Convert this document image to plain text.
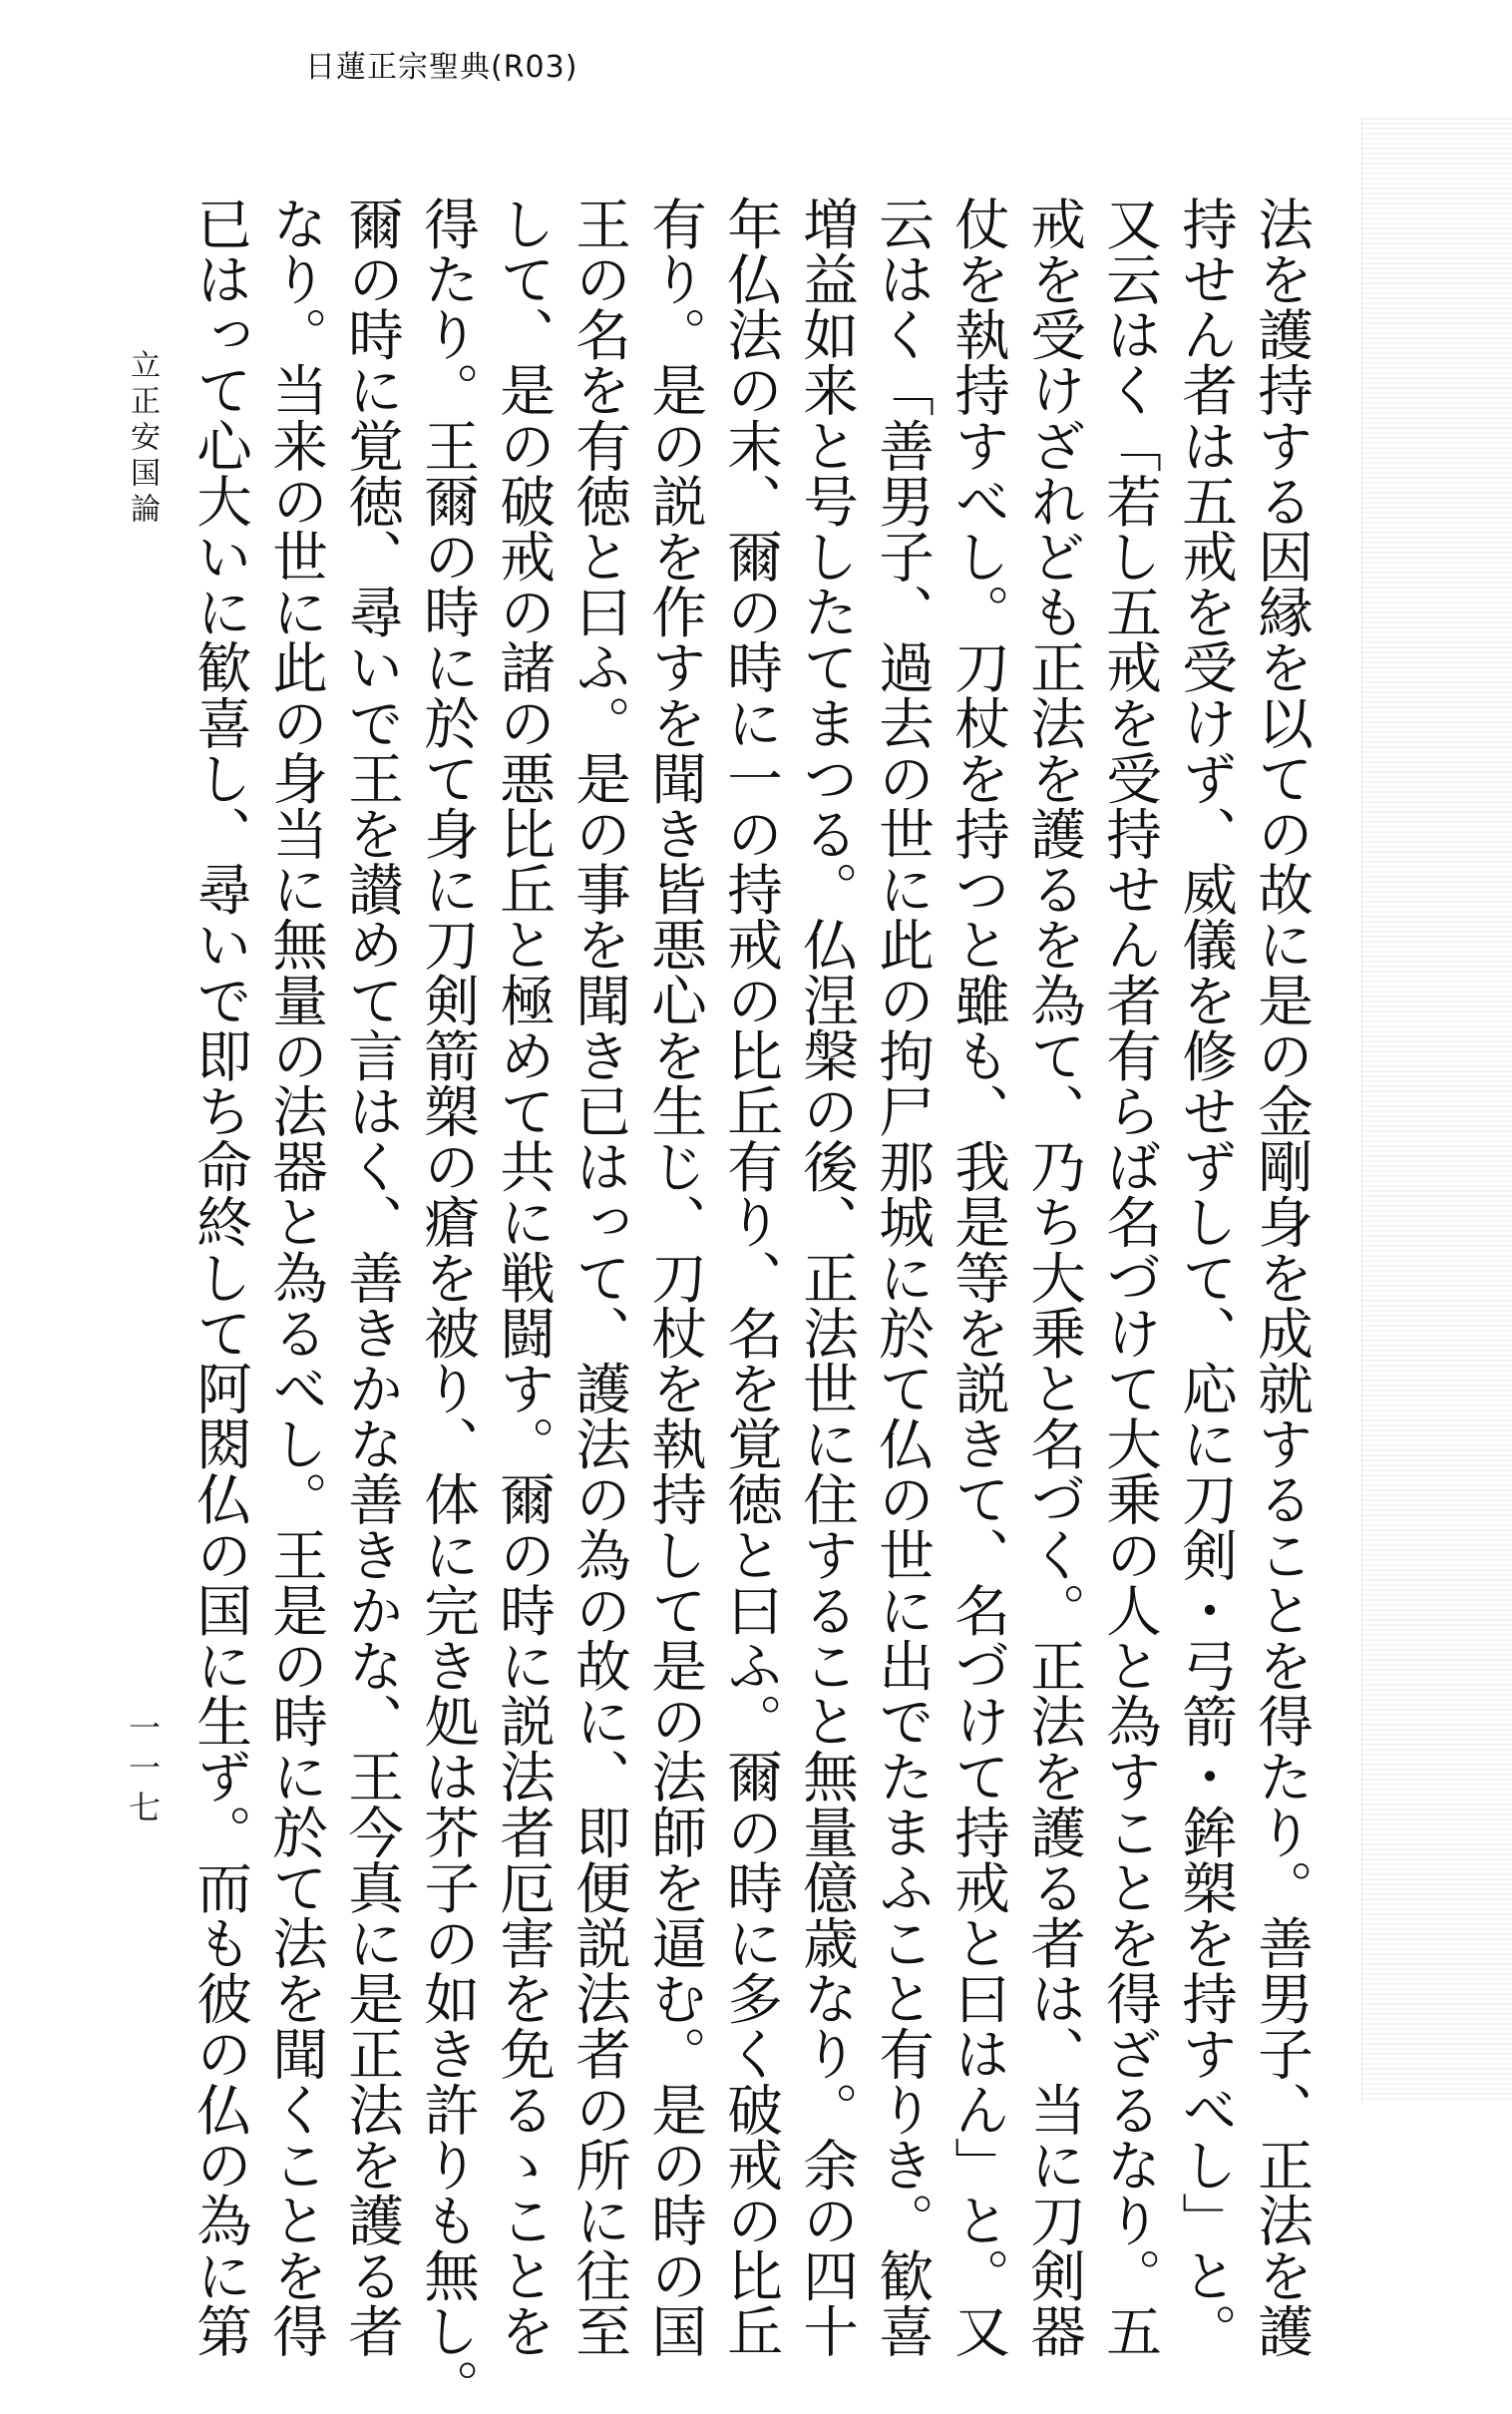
日蓮正宗聖典(R03)
法を護持する因縁を以ての故に是の金剛身を成就することを得たり。善男子、正法を護
持せん者は五戒を受けず、威儀を修せずして、応に刀剣・弓箭・鉾槊を持すべし」と。
又云はく「若し五戒を受持せん者有らば名づけて大乗の人と為すことを得ざるなり。五
戒を受けざれども正法を護るを為て、乃ち大乗と名づく。正法を護る者は、当に刀剣器
仗を執持すべし。刀杖を持つと雖も、我是等を説きて、名づけて持戒と曰はん」と。又
云はく「善男子、過去の世に此の拘尸那城に於て仏の世に出でたまふこと有りき。歓喜
増益如来と号したてまつる。仏涅槃の後、正法世に住すること無量億歳なり。余の四十
年仏法の末、爾の時に一の持戒の比丘有り、名を覚徳と曰ふ。爾の時に多く破戒の比丘
有り。是の説を作すを聞き皆悪心を生じ、刀杖を執持して是の法師を逼む。是の時の国
王の名を有徳と曰ふ。是の事を聞き已はって、護法の為の故に、即便説法者の所に往至
して、是の破戒の諸の悪比丘と極めて共に戦闘す。爾の時に説法者厄害を免るゝことを
得たり。王爾の時に於て身に刀剣箭槊の瘡を被り、体に完き処は芥子の如き許りも無し。
爾の時に覚徳、尋いで王を讃めて言はく、善きかな善きかな、王今真に是正法を護る者
なり。当来の世に此の身当に無量の法器と為るべし。王是の時に於て法を聞くことを得
已はって心大いに歓喜し、尋いで即ち命終して阿閦仏の国に生ず。而も彼の仏の為に第
立正安国論
一一七
